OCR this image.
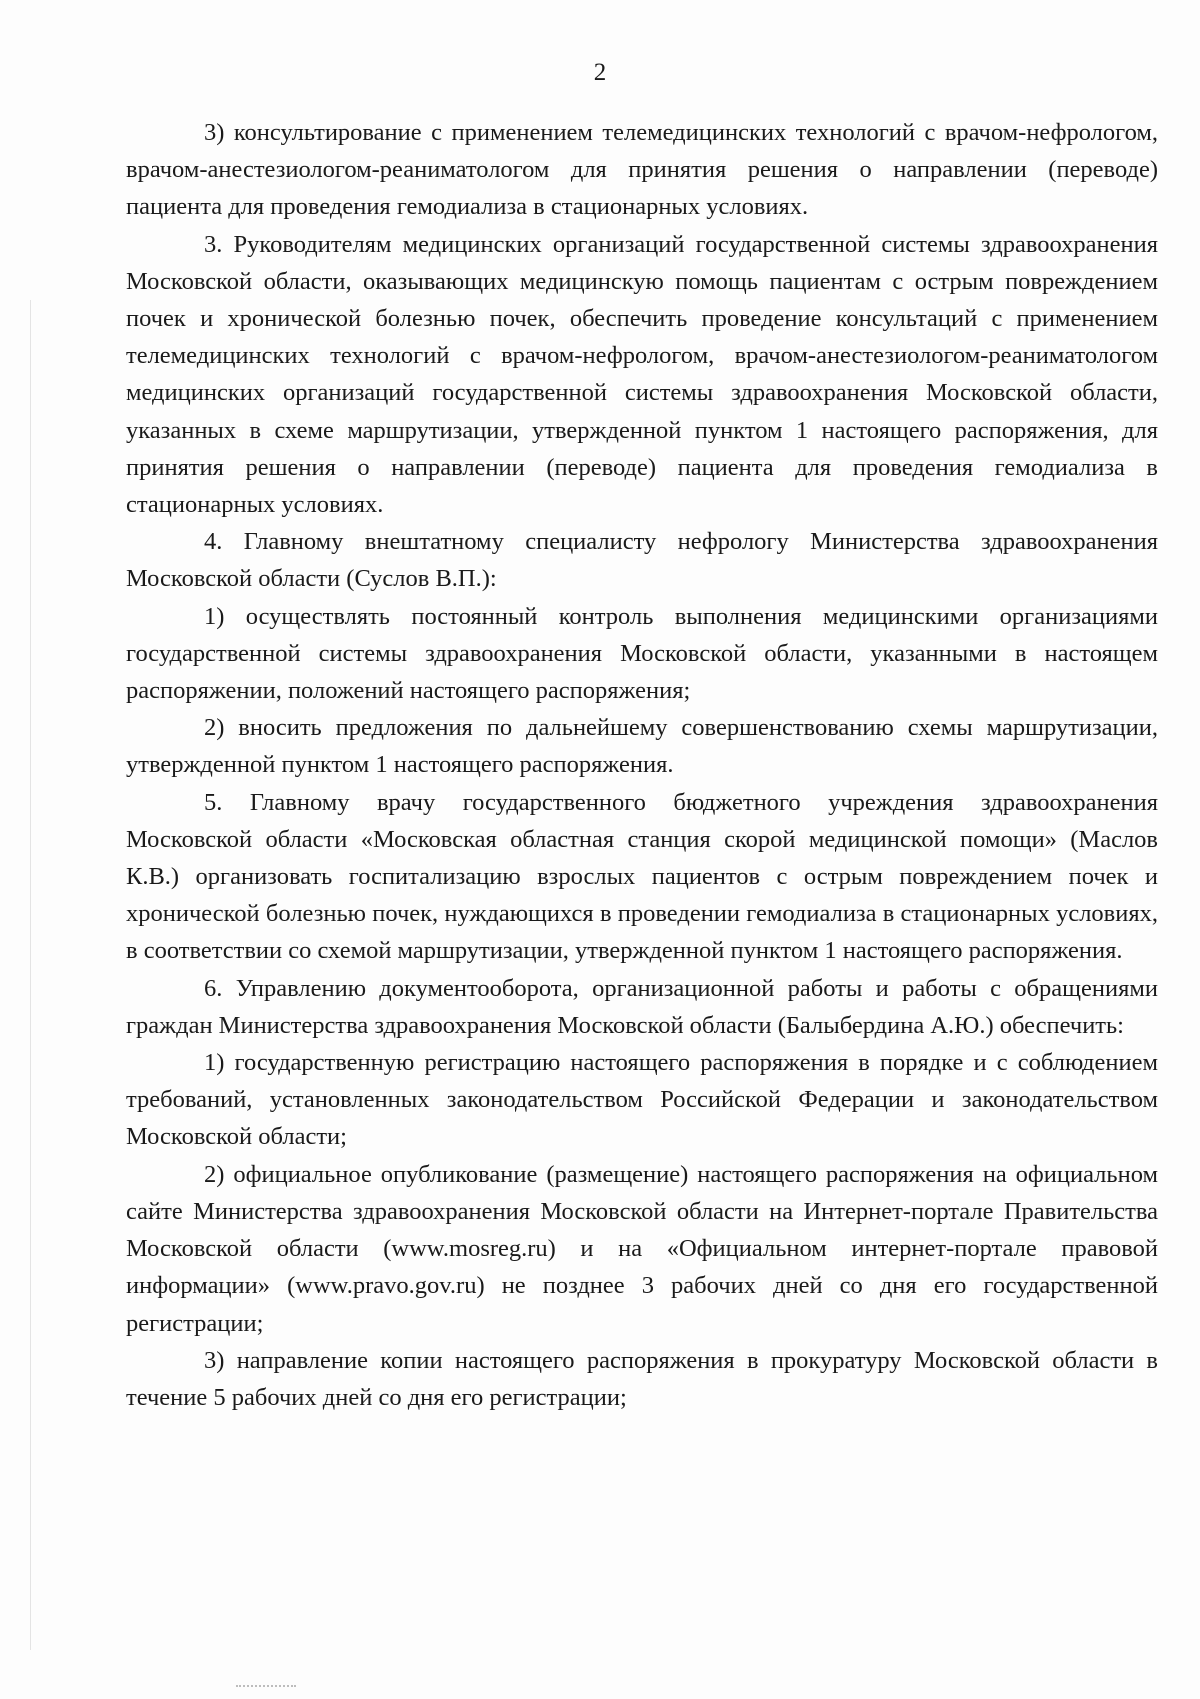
2

3) консультирование с применением телемедицинских технологий с врачом-нефрологом, врачом-анестезиологом-реаниматологом для принятия решения о направлении (переводе) пациента для проведения гемодиализа в стационарных условиях.

3. Руководителям медицинских организаций государственной системы здравоохранения Московской области, оказывающих медицинскую помощь пациентам с острым повреждением почек и хронической болезнью почек, обеспечить проведение консультаций с применением телемедицинских технологий с врачом-нефрологом, врачом-анестезиологом-реаниматологом медицинских организаций государственной системы здравоохранения Московской области, указанных в схеме маршрутизации, утвержденной пунктом 1 настоящего распоряжения, для принятия решения о направлении (переводе) пациента для проведения гемодиализа в стационарных условиях.

4. Главному внештатному специалисту нефрологу Министерства здравоохранения Московской области (Суслов В.П.):

1) осуществлять постоянный контроль выполнения медицинскими организациями государственной системы здравоохранения Московской области, указанными в настоящем распоряжении, положений настоящего распоряжения;

2) вносить предложения по дальнейшему совершенствованию схемы маршрутизации, утвержденной пунктом 1 настоящего распоряжения.

5. Главному врачу государственного бюджетного учреждения здравоохранения Московской области «Московская областная станция скорой медицинской помощи» (Маслов К.В.) организовать госпитализацию взрослых пациентов с острым повреждением почек и хронической болезнью почек, нуждающихся в проведении гемодиализа в стационарных условиях, в соответствии со схемой маршрутизации, утвержденной пунктом 1 настоящего распоряжения.

6. Управлению документооборота, организационной работы и работы с обращениями граждан Министерства здравоохранения Московской области (Балыбердина А.Ю.) обеспечить:

1) государственную регистрацию настоящего распоряжения в порядке и с соблюдением требований, установленных законодательством Российской Федерации и законодательством Московской области;

2) официальное опубликование (размещение) настоящего распоряжения на официальном сайте Министерства здравоохранения Московской области на Интернет-портале Правительства Московской области (www.mosreg.ru) и на «Официальном интернет-портале правовой информации» (www.pravo.gov.ru) не позднее 3 рабочих дней со дня его государственной регистрации;

3) направление копии настоящего распоряжения в прокуратуру Московской области в течение 5 рабочих дней со дня его регистрации;
